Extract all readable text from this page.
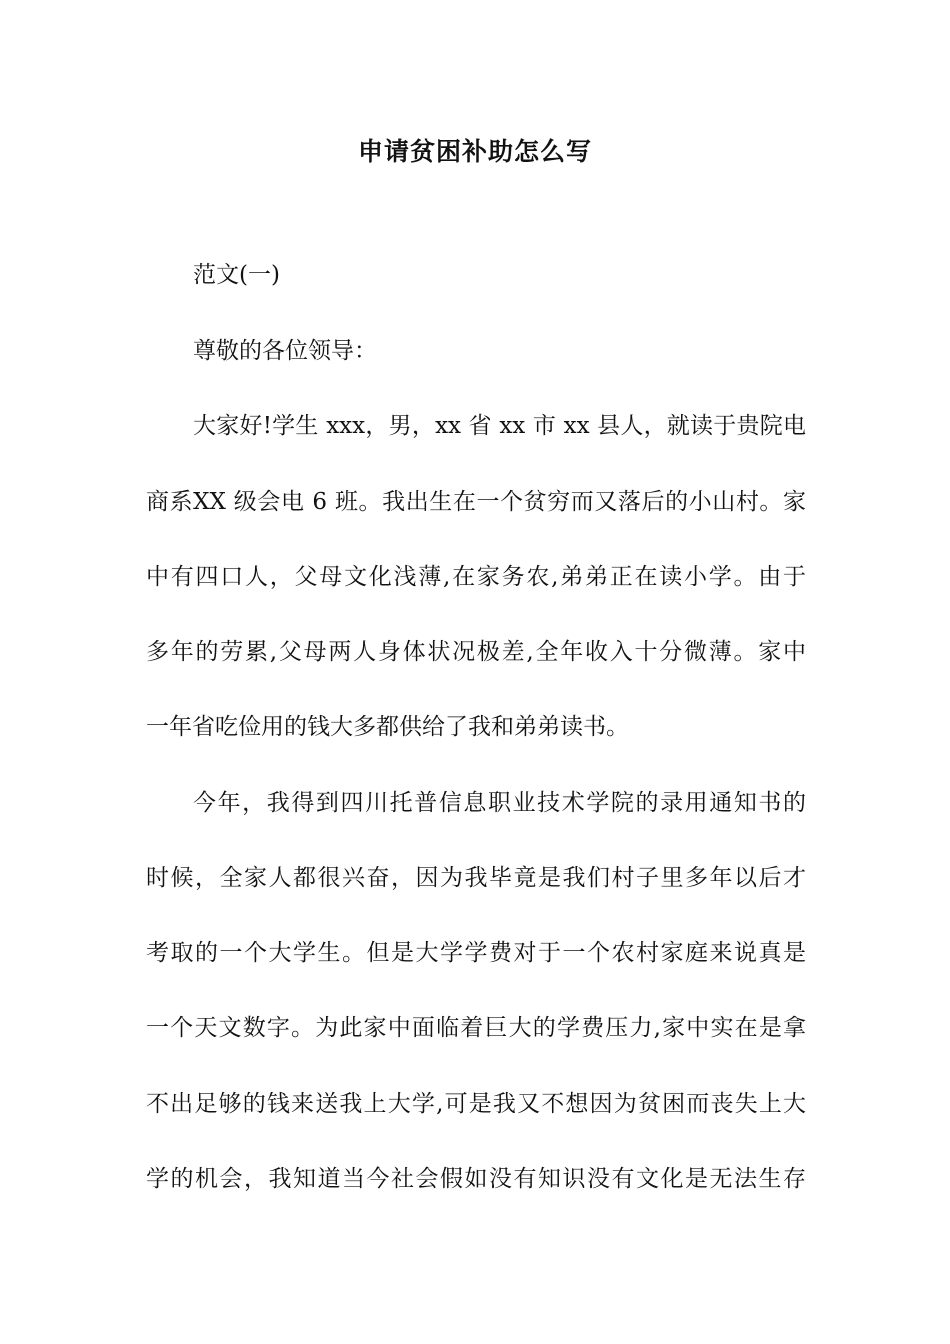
申请贫困补助怎么写
范文(一)
尊敬的各位领导：
大家好!学生 xxx，男，xx 省 xx 市 xx 县人，就读于贵院电
商系XX 级会电 6 班。我出生在一个贫穷而又落后的小山村。家
中有四口人，父母文化浅薄,在家务农,弟弟正在读小学。由于
多年的劳累,父母两人身体状况极差,全年收入十分微薄。家中
一年省吃俭用的钱大多都供给了我和弟弟读书。
今年，我得到四川托普信息职业技术学院的录用通知书的
时候，全家人都很兴奋，因为我毕竟是我们村子里多年以后才
考取的一个大学生。但是大学学费对于一个农村家庭来说真是
一个天文数字。为此家中面临着巨大的学费压力,家中实在是拿
不出足够的钱来送我上大学,可是我又不想因为贫困而丧失上大
学的机会，我知道当今社会假如没有知识没有文化是无法生存
